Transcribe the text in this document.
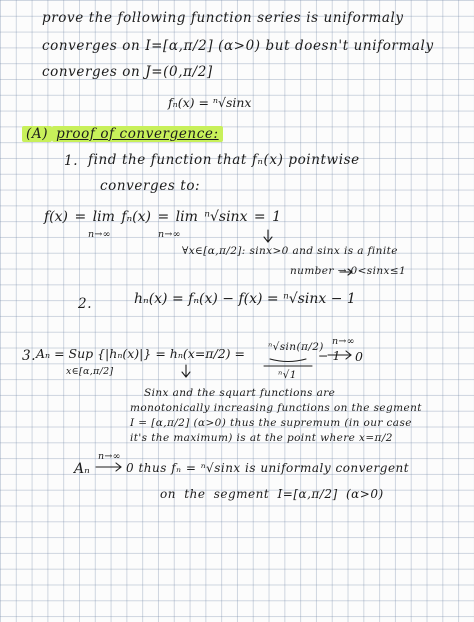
prove the following function series is uniformaly
converges on I=[α,π/2] (α>0) but doesn't uniformaly
converges on J=(0,π/2]
fₙ(x) = ⁿ√sinx
(A) proof of convergence:
1. find the function that fₙ(x) pointwise
converges to:
f(x) = lim fₙ(x) = lim ⁿ√sinx = 1
n→∞	n→∞
∀x∈[α,π/2]: sinx>0 and sinx is a finite
number → 0<sinx≤1
2.	hₙ(x) = fₙ(x) − f(x) = ⁿ√sinx − 1
3. Aₙ = Sup {|hₙ(x)|} = hₙ(x=π/2) =
x∈[α,π/2]
ⁿ√sin(π/2)
ⁿ√1
− 1
n→∞
0
Sinx and the squart functions are
monotonically increasing functions on the segment
I = [α,π/2] (α>0) thus the supremum (in our case
it's the maximum) is at the point where x=π/2
Aₙ
n→∞
0 thus fₙ = ⁿ√sinx is uniformaly convergent
on the segment I=[α,π/2] (α>0)
